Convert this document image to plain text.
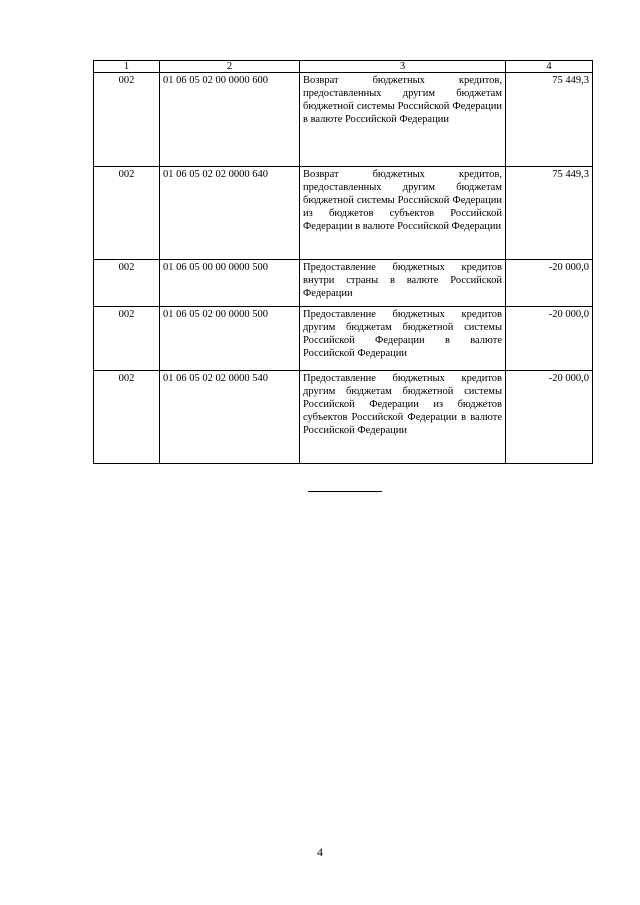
1	2	3	4
002	01 06 05 02 00 0000 600	Возврат бюджетных кредитов, предоставленных другим бюджетам бюджетной системы Российской Федерации в валюте Российской Федерации	75 449,3
002	01 06 05 02 02 0000 640	Возврат бюджетных кредитов, предоставленных другим бюджетам бюджетной системы Российской Федерации из бюджетов субъектов Российской Федерации в валюте Российской Федерации	75 449,3
002	01 06 05 00 00 0000 500	Предоставление бюджетных кредитов внутри страны в валюте Российской Федерации	-20 000,0
002	01 06 05 02 00 0000 500	Предоставление бюджетных кредитов другим бюджетам бюджетной системы Российской Федерации в валюте Российской Федерации	-20 000,0
002	01 06 05 02 02 0000 540	Предоставление бюджетных кредитов другим бюджетам бюджетной системы Российской Федерации из бюджетов субъектов Российской Федерации в валюте Российской Федерации	-20 000,0
4
